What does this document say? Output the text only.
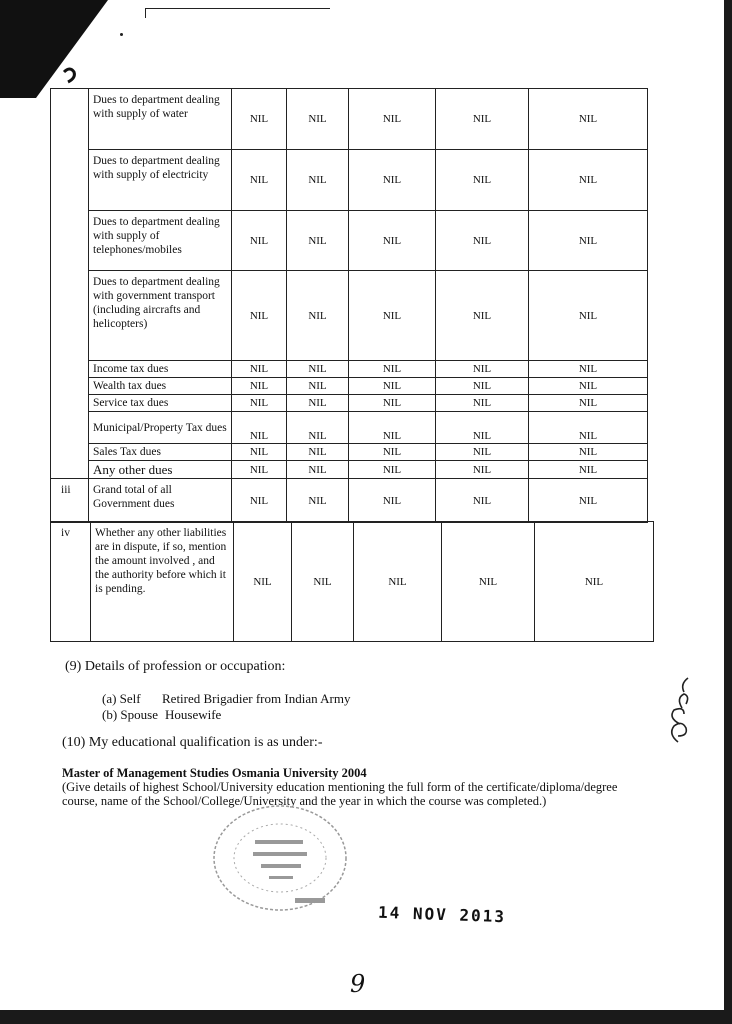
	Dues to department dealing with supply of water	NIL	NIL	NIL	NIL	NIL
	Dues to department dealing with supply of electricity	NIL	NIL	NIL	NIL	NIL
	Dues to department dealing with supply of telephones/mobiles	NIL	NIL	NIL	NIL	NIL
	Dues to department dealing with government transport (including aircrafts and helicopters)	NIL	NIL	NIL	NIL	NIL
	Income tax dues	NIL	NIL	NIL	NIL	NIL
	Wealth tax dues	NIL	NIL	NIL	NIL	NIL
	Service tax dues	NIL	NIL	NIL	NIL	NIL
	Municipal/Property Tax dues	NIL	NIL	NIL	NIL	NIL
	Sales Tax dues	NIL	NIL	NIL	NIL	NIL
	Any other dues	NIL	NIL	NIL	NIL	NIL
iii	Grand total of all Government dues	NIL	NIL	NIL	NIL	NIL
iv	Whether any other liabilities are in dispute, if so, mention the amount involved , and the authority before which it is pending.	NIL	NIL	NIL	NIL	NIL
(9) Details of profession or occupation:
(a) Self Retired Brigadier from Indian Army
(b) Spouse Housewife
(10) My educational qualification is as under:-
Master of Management Studies Osmania University 2004
(Give details of highest School/University education mentioning the full form of the certificate/diploma/degree
course, name of the School/College/University and the year in which the course was completed.)
14 NOV 2013
9
